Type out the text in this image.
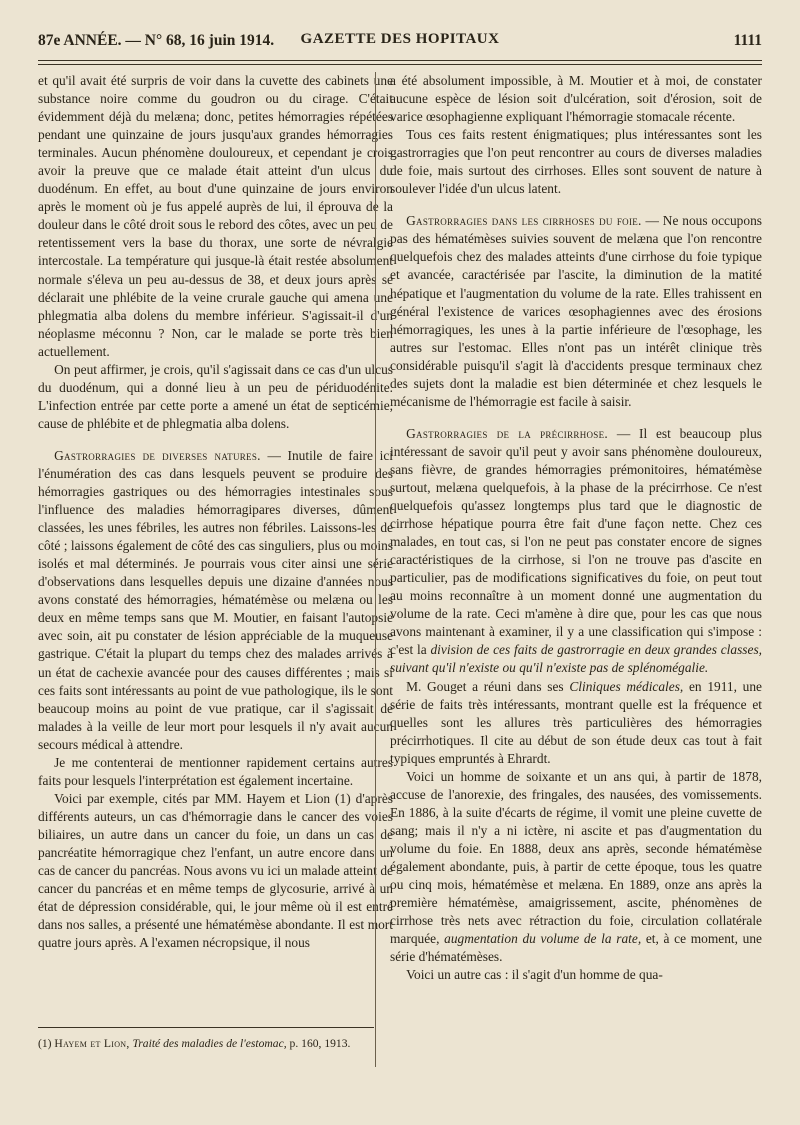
87e ANNÉE. — N° 68, 16 juin 1914.	GAZETTE DES HOPITAUX	1111

et qu'il avait été surpris de voir dans la cuvette des cabinets une substance noire comme du goudron ou du cirage. C'était évidemment déjà du melæna; donc, petites hémorragies répétées pendant une quinzaine de jours jusqu'aux grandes hémorragies terminales. Aucun phénomène douloureux, et cependant je crois avoir la preuve que ce malade était atteint d'un ulcus du duodénum. En effet, au bout d'une quinzaine de jours environ après le moment où je fus appelé auprès de lui, il éprouva de la douleur dans le côté droit sous le rebord des côtes, avec un peu de retentissement vers la base du thorax, une sorte de névralgie intercostale. La température qui jusque-là était restée absolument normale s'éleva un peu au-dessus de 38, et deux jours après se déclarait une phlébite de la veine crurale gauche qui amena une phlegmatia alba dolens du membre inférieur. S'agissait-il d'un néoplasme méconnu ? Non, car le malade se porte très bien actuellement.

On peut affirmer, je crois, qu'il s'agissait dans ce cas d'un ulcus du duodénum, qui a donné lieu à un peu de périduodénite. L'infection entrée par cette porte a amené un état de septicémie, cause de phlébite et de phlegmatia alba dolens.

Gastrorragies de diverses natures. — Inutile de faire ici l'énumération des cas dans lesquels peuvent se produire des hémorragies gastriques ou des hémorragies intestinales sous l'influence des maladies hémorragipares diverses, dûment classées, les unes fébriles, les autres non fébriles. Laissons-les de côté ; laissons également de côté des cas singuliers, plus ou moins isolés et mal déterminés. Je pourrais vous citer ainsi une série d'observations dans lesquelles depuis une dizaine d'années nous avons constaté des hémorragies, hématémèse ou melæna ou les deux en même temps sans que M. Moutier, en faisant l'autopsie avec soin, ait pu constater de lésion appréciable de la muqueuse gastrique. C'était la plupart du temps chez des malades arrivés à un état de cachexie avancée pour des causes différentes ; mais si ces faits sont intéressants au point de vue pathologique, ils le sont beaucoup moins au point de vue pratique, car il s'agissait de malades à la veille de leur mort pour lesquels il n'y avait aucun secours médical à attendre.

Je me contenterai de mentionner rapidement certains autres faits pour lesquels l'interprétation est également incertaine.

Voici par exemple, cités par MM. Hayem et Lion (1) d'après différents auteurs, un cas d'hémorragie dans le cancer des voies biliaires, un autre dans un cancer du foie, un dans un cas de pancréatite hémorragique chez l'enfant, un autre encore dans un cas de cancer du pancréas. Nous avons vu ici un malade atteint de cancer du pancréas et en même temps de glycosurie, arrivé à un état de dépression considérable, qui, le jour même où il est entré dans nos salles, a présenté une hématémèse abondante. Il est mort quatre jours après. A l'examen nécropsique, il nous

(1) Hayem et Lion, Traité des maladies de l'estomac, p. 160, 1913.

a été absolument impossible, à M. Moutier et à moi, de constater aucune espèce de lésion soit d'ulcération, soit d'érosion, soit de varice œsophagienne expliquant l'hémorragie stomacale récente.

Tous ces faits restent énigmatiques; plus intéressantes sont les gastrorragies que l'on peut rencontrer au cours de diverses maladies de foie, mais surtout des cirrhoses. Elles sont souvent de nature à soulever l'idée d'un ulcus latent.

Gastrorragies dans les cirrhoses du foie. — Ne nous occupons pas des hématémèses suivies souvent de melæna que l'on rencontre quelquefois chez des malades atteints d'une cirrhose du foie typique et avancée, caractérisée par l'ascite, la diminution de la matité hépatique et l'augmentation du volume de la rate. Elles trahissent en général l'existence de varices œsophagiennes avec des érosions hémorragiques, les unes à la partie inférieure de l'œsophage, les autres sur l'estomac. Elles n'ont pas un intérêt clinique très considérable puisqu'il s'agit là d'accidents presque terminaux chez des sujets dont la maladie est bien déterminée et chez lesquels le mécanisme de l'hémorragie est facile à saisir.

Gastrorragies de la précirrhose. — Il est beaucoup plus intéressant de savoir qu'il peut y avoir sans phénomène douloureux, sans fièvre, de grandes hémorragies prémonitoires, hématémèse surtout, melæna quelquefois, à la phase de la précirrhose. Ce n'est quelquefois qu'assez longtemps plus tard que le diagnostic de cirrhose hépatique pourra être fait d'une façon nette. Chez ces malades, en tout cas, si l'on ne peut pas constater encore de signes caractéristiques de la cirrhose, si l'on ne trouve pas d'ascite en particulier, pas de modifications significatives du foie, on peut tout au moins reconnaître à un moment donné une augmentation du volume de la rate. Ceci m'amène à dire que, pour les cas que nous avons maintenant à examiner, il y a une classification qui s'impose : c'est la division de ces faits de gastrorragie en deux grandes classes, suivant qu'il n'existe ou qu'il n'existe pas de splénomégalie.

M. Gouget a réuni dans ses Cliniques médicales, en 1911, une série de faits très intéressants, montrant quelle est la fréquence et quelles sont les allures très particulières des hémorragies précirrhotiques. Il cite au début de son étude deux cas tout à fait typiques empruntés à Ehrardt.

Voici un homme de soixante et un ans qui, à partir de 1878, accuse de l'anorexie, des fringales, des nausées, des vomissements. En 1886, à la suite d'écarts de régime, il vomit une pleine cuvette de sang; mais il n'y a ni ictère, ni ascite et pas d'augmentation du volume du foie. En 1888, deux ans après, seconde hématémèse également abondante, puis, à partir de cette époque, tous les quatre ou cinq mois, hématémèse et melæna. En 1889, onze ans après la première hématémèse, amaigrissement, ascite, phénomènes de cirrhose très nets avec rétraction du foie, circulation collatérale marquée, augmentation du volume de la rate, et, à ce moment, une série d'hématémèses.

Voici un autre cas : il s'agit d'un homme de qua-
